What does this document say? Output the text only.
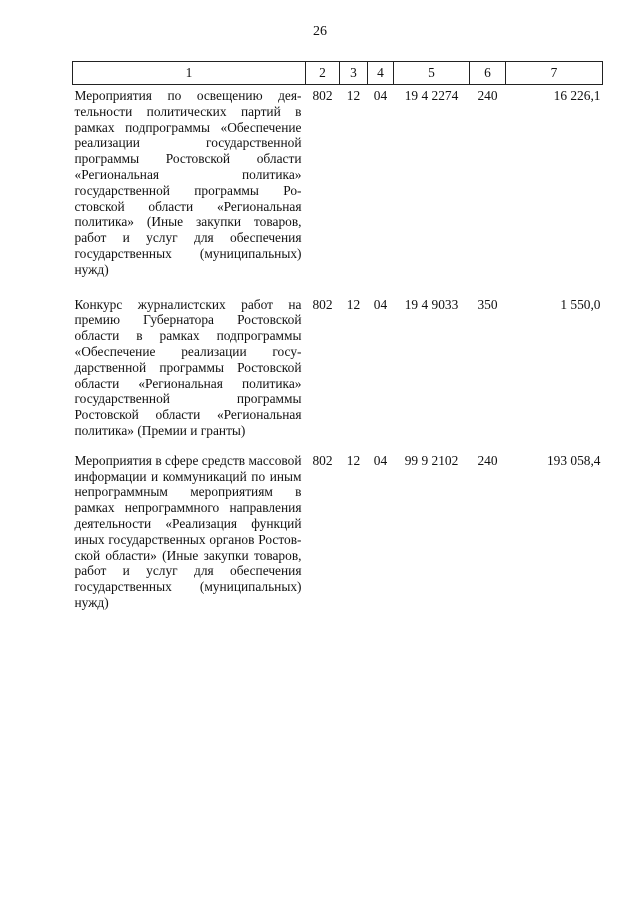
26
1	2	3	4	5	6	7
Мероприятия по освещению деятельности политических партий в рамках подпрограммы «Обеспечение реализации государственной программы Ростовской области «Региональная политика» государственной программы Ростовской области «Региональная политика» (Иные закупки товаров, работ и услуг для обеспечения государственных (муниципальных) нужд)	802	12	04	19 4 2274	240	16 226,1
Конкурс журналистских работ на премию Губернатора Ростовской области в рамках подпрограммы «Обеспечение реализации государственной программы Ростовской области «Региональная политика» государственной программы Ростовской области «Региональная политика» (Премии и гранты)	802	12	04	19 4 9033	350	1 550,0
Мероприятия в сфере средств массовой информации и коммуникаций по иным непрограммным мероприятиям в рамках непрограммного направления деятельности «Реализация функций иных государственных органов Ростовской области» (Иные закупки товаров, работ и услуг для обеспечения государственных (муниципальных) нужд)	802	12	04	99 9 2102	240	193 058,4
